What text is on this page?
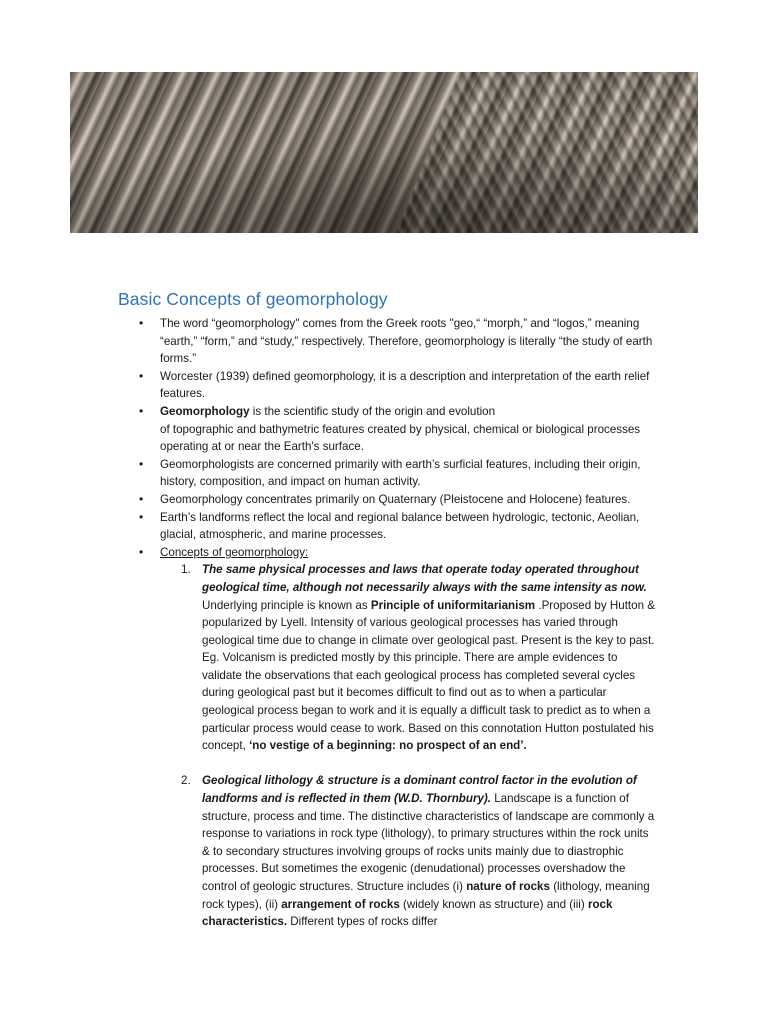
Basic Concepts of geomorphology
• The word “geomorphology" comes from the Greek roots "geo,“ “morph,” and “logos,” meaning “earth,” “form,” and “study,” respectively. Therefore, geomorphology is literally “the study of earth forms.”
• Worcester (1939) defined geomorphology, it is a description and interpretation of the earth relief features.
• Geomorphology is the scientific study of the origin and evolution
of topographic and bathymetric features created by physical, chemical or biological processes operating at or near the Earth's surface.
• Geomorphologists are concerned primarily with earth’s surficial features, including their origin, history, composition, and impact on human activity.
• Geomorphology concentrates primarily on Quaternary (Pleistocene and Holocene) features.
• Earth’s landforms reflect the local and regional balance between hydrologic, tectonic, Aeolian, glacial, atmospheric, and marine processes.
• Concepts of geomorphology:
1. The same physical processes and laws that operate today operated throughout geological time, although not necessarily always with the same intensity as now. Underlying principle is known as Principle of uniformitarianism .Proposed by Hutton & popularized by Lyell. Intensity of various geological processes has varied through geological time due to change in climate over geological past. Present is the key to past. Eg. Volcanism is predicted mostly by this principle. There are ample evidences to validate the observations that each geological process has completed several cycles during geological past but it becomes difficult to find out as to when a particular geological process began to work and it is equally a difficult task to predict as to when a particular process would cease to work. Based on this connotation Hutton postulated his concept, ‘no vestige of a beginning: no prospect of an end’.
2. Geological lithology & structure is a dominant control factor in the evolution of landforms and is reflected in them (W.D. Thornbury). Landscape is a function of structure, process and time. The distinctive characteristics of landscape are commonly a response to variations in rock type (lithology), to primary structures within the rock units & to secondary structures involving groups of rocks units mainly due to diastrophic processes. But sometimes the exogenic (denudational) processes overshadow the control of geologic structures. Structure includes (i) nature of rocks (lithology, meaning rock types), (ii) arrangement of rocks (widely known as structure) and (iii) rock characteristics. Different types of rocks differ
